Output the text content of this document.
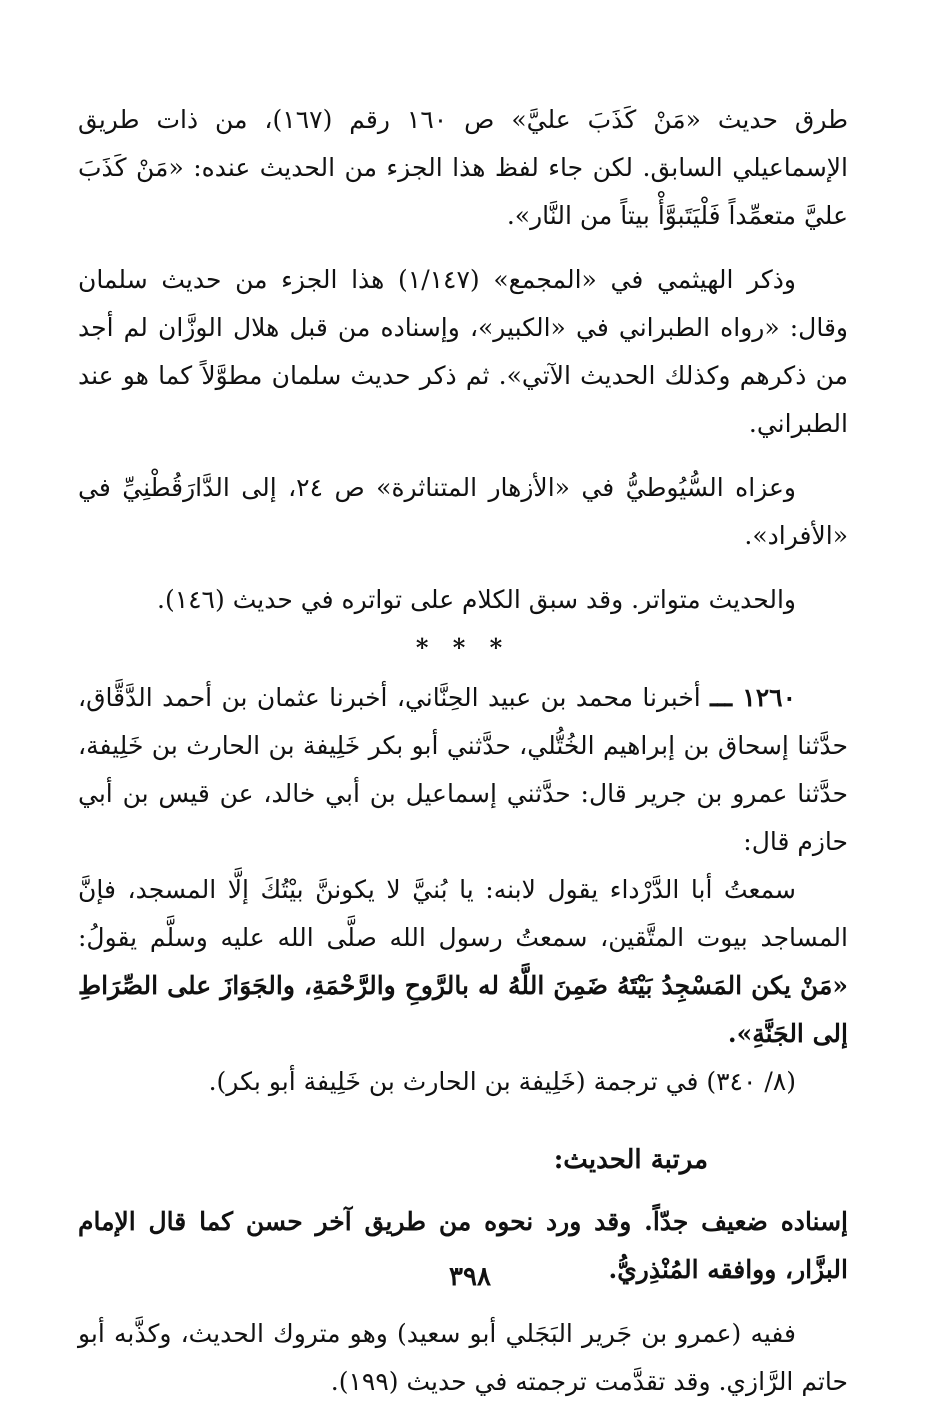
طرق حديث «مَنْ كَذَبَ عليَّ» ص ١٦٠ رقم (١٦٧)، من ذات طريق الإسماعيلي السابق. لكن جاء لفظ هذا الجزء من الحديث عنده: «مَنْ كَذَبَ عليَّ متعمِّداً فَلْيَتَبوَّأْ بيتاً من النَّار».

وذكر الهيثمي في «المجمع» (١/١٤٧) هذا الجزء من حديث سلمان وقال: «رواه الطبراني في «الكبير»، وإسناده من قبل هلال الوزَّان لم أجد من ذكرهم وكذلك الحديث الآتي». ثم ذكر حديث سلمان مطوَّلاً كما هو عند الطبراني.

وعزاه السُّيُوطيُّ في «الأزهار المتناثرة» ص ٢٤، إلى الدَّارَقُطْنِيِّ في «الأفراد».

والحديث متواتر. وقد سبق الكلام على تواتره في حديث (١٤٦).

* * *

١٢٦٠ ـــ أخبرنا محمد بن عبيد الحِنَّاني، أخبرنا عثمان بن أحمد الدَّقَّاق، حدَّثنا إسحاق بن إبراهيم الخُتُّلي، حدَّثني أبو بكر خَلِيفة بن الحارث بن خَلِيفة، حدَّثنا عمرو بن جرير قال: حدَّثني إسماعيل بن أبي خالد، عن قيس بن أبي حازم قال:

سمعتُ أبا الدَّرْداء يقول لابنه: يا بُنيَّ لا يكوننَّ بيْتُكَ إلَّا المسجد، فإنَّ المساجد بيوت المتَّقين، سمعتُ رسول الله صلَّى الله عليه وسلَّم يقولُ: «مَنْ يكن المَسْجِدُ بَيْتَهُ ضَمِنَ اللَّهُ له بالرَّوحِ والرَّحْمَةِ، والجَوَازَ على الصِّرَاطِ إلى الجَنَّةِ».

(٨/ ٣٤٠) في ترجمة (خَلِيفة بن الحارث بن خَلِيفة أبو بكر).

مرتبة الحديث:

إسناده ضعيف جدّاً. وقد ورد نحوه من طريق آخر حسن كما قال الإمام البزَّار، ووافقه المُنْذِريُّ.

ففيه (عمرو بن جَرير البَجَلي أبو سعيد) وهو متروك الحديث، وكذَّبه أبو حاتم الرَّازي. وقد تقدَّمت ترجمته في حديث (١٩٩).

٣٩٨
